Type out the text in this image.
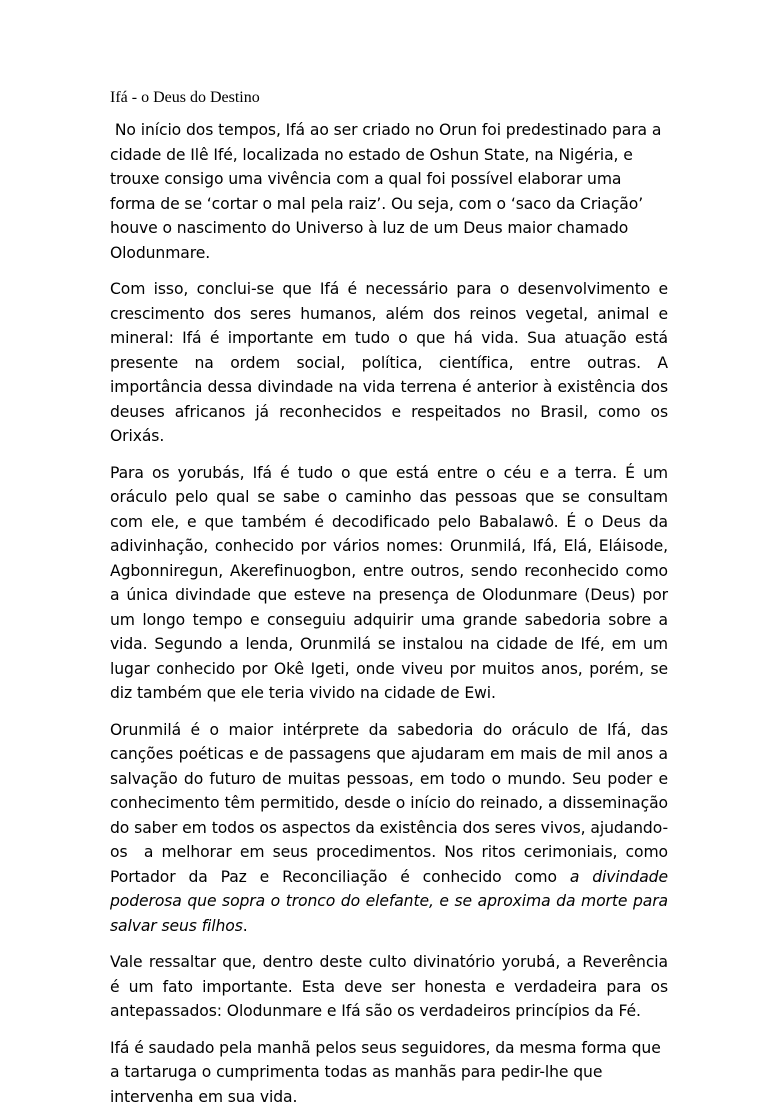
Ifá - o Deus do Destino

No início dos tempos, Ifá ao ser criado no Orun foi predestinado para a cidade de Ilê Ifé, localizada no estado de Oshun State, na Nigéria, e trouxe consigo uma vivência com a qual foi possível elaborar uma forma de se ‘cortar o mal pela raiz’. Ou seja, com o ‘saco da Criação’ houve o nascimento do Universo à luz de um Deus maior chamado Olodunmare.

Com isso, conclui-se que Ifá é necessário para o desenvolvimento e crescimento dos seres humanos, além dos reinos vegetal, animal e mineral: Ifá é importante em tudo o que há vida. Sua atuação está presente na ordem social, política, científica, entre outras. A importância dessa divindade na vida terrena é anterior à existência dos deuses africanos já reconhecidos e respeitados no Brasil, como os Orixás.

Para os yorubás, Ifá é tudo o que está entre o céu e a terra. É um oráculo pelo qual se sabe o caminho das pessoas que se consultam com ele, e que também é decodificado pelo Babalawô. É o Deus da adivinhação, conhecido por vários nomes: Orunmilá, Ifá, Elá, Eláisode, Agbonniregun, Akerefinuogbon, entre outros, sendo reconhecido como a única divindade que esteve na presença de Olodunmare (Deus) por um longo tempo e conseguiu adquirir uma grande sabedoria sobre a vida. Segundo a lenda, Orunmilá se instalou na cidade de Ifé, em um lugar conhecido por Okê Igeti, onde viveu por muitos anos, porém, se diz também que ele teria vivido na cidade de Ewi.

Orunmilá é o maior intérprete da sabedoria do oráculo de Ifá, das canções poéticas e de passagens que ajudaram em mais de mil anos a salvação do futuro de muitas pessoas, em todo o mundo. Seu poder e conhecimento têm permitido, desde o início do reinado, a disseminação do saber em todos os aspectos da existência dos seres vivos, ajudando-os  a melhorar em seus procedimentos. Nos ritos cerimoniais, como Portador da Paz e Reconciliação é conhecido como a divindade poderosa que sopra o tronco do elefante, e se aproxima da morte para salvar seus filhos.

Vale ressaltar que, dentro deste culto divinatório yorubá, a Reverência é um fato importante. Esta deve ser honesta e verdadeira para os antepassados: Olodunmare e Ifá são os verdadeiros princípios da Fé.

Ifá é saudado pela manhã pelos seus seguidores, da mesma forma que a tartaruga o cumprimenta todas as manhãs para pedir-lhe que intervenha em sua vida.
